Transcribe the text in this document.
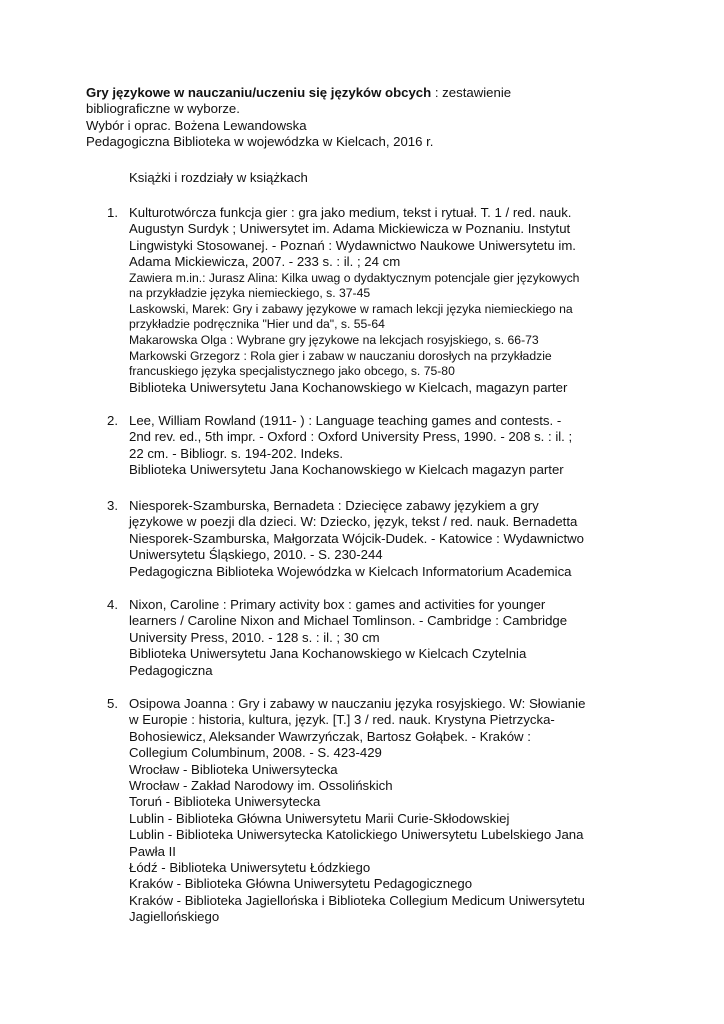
Gry językowe w nauczaniu/uczeniu się języków obcych : zestawienie
bibliograficzne w wyborze.
Wybór i oprac. Bożena Lewandowska
Pedagogiczna Biblioteka w wojewódzka w Kielcach, 2016 r.
Książki i rozdziały w książkach
1. Kulturotwórcza funkcja gier : gra jako medium, tekst i rytuał. T. 1 / red. nauk.
Augustyn Surdyk ; Uniwersytet im. Adama Mickiewicza w Poznaniu. Instytut
Lingwistyki Stosowanej. - Poznań : Wydawnictwo Naukowe Uniwersytetu im.
Adama Mickiewicza, 2007. - 233 s. : il. ; 24 cm
Zawiera m.in.: Jurasz Alina: Kilka uwag o dydaktycznym potencjale gier językowych
na przykładzie języka niemieckiego, s. 37-45
Laskowski, Marek: Gry i zabawy językowe w ramach lekcji języka niemieckiego na
przykładzie podręcznika "Hier und da", s. 55-64
Makarowska Olga : Wybrane gry językowe na lekcjach rosyjskiego, s. 66-73
Markowski Grzegorz : Rola gier i zabaw w nauczaniu dorosłych na przykładzie
francuskiego języka specjalistycznego jako obcego, s. 75-80
Biblioteka Uniwersytetu Jana Kochanowskiego w Kielcach, magazyn parter
2. Lee, William Rowland (1911- ) : Language teaching games and contests. -
2nd rev. ed., 5th impr. - Oxford : Oxford University Press, 1990. - 208 s. : il. ;
22 cm. - Bibliogr. s. 194-202. Indeks.
Biblioteka Uniwersytetu Jana Kochanowskiego w Kielcach magazyn parter
3. Niesporek-Szamburska, Bernadeta : Dziecięce zabawy językiem a gry
językowe w poezji dla dzieci. W: Dziecko, język, tekst / red. nauk. Bernadetta
Niesporek-Szamburska, Małgorzata Wójcik-Dudek. - Katowice : Wydawnictwo
Uniwersytetu Śląskiego, 2010. - S. 230-244
Pedagogiczna Biblioteka Wojewódzka w Kielcach Informatorium Academica
4. Nixon, Caroline : Primary activity box : games and activities for younger
learners / Caroline Nixon and Michael Tomlinson. - Cambridge : Cambridge
University Press, 2010. - 128 s. : il. ; 30 cm
Biblioteka Uniwersytetu Jana Kochanowskiego w Kielcach Czytelnia
Pedagogiczna
5. Osipowa Joanna : Gry i zabawy w nauczaniu języka rosyjskiego. W: Słowianie
w Europie : historia, kultura, język. [T.] 3 / red. nauk. Krystyna Pietrzycka-
Bohosiewicz, Aleksander Wawrzyńczak, Bartosz Gołąbek. - Kraków :
Collegium Columbinum, 2008. - S. 423-429
Wrocław - Biblioteka Uniwersytecka
Wrocław - Zakład Narodowy im. Ossolińskich
Toruń - Biblioteka Uniwersytecka
Lublin - Biblioteka Główna Uniwersytetu Marii Curie-Skłodowskiej
Lublin - Biblioteka Uniwersytecka Katolickiego Uniwersytetu Lubelskiego Jana
Pawła II
Łódź - Biblioteka Uniwersytetu Łódzkiego
Kraków - Biblioteka Główna Uniwersytetu Pedagogicznego
Kraków - Biblioteka Jagiellońska i Biblioteka Collegium Medicum Uniwersytetu
Jagiellońskiego
